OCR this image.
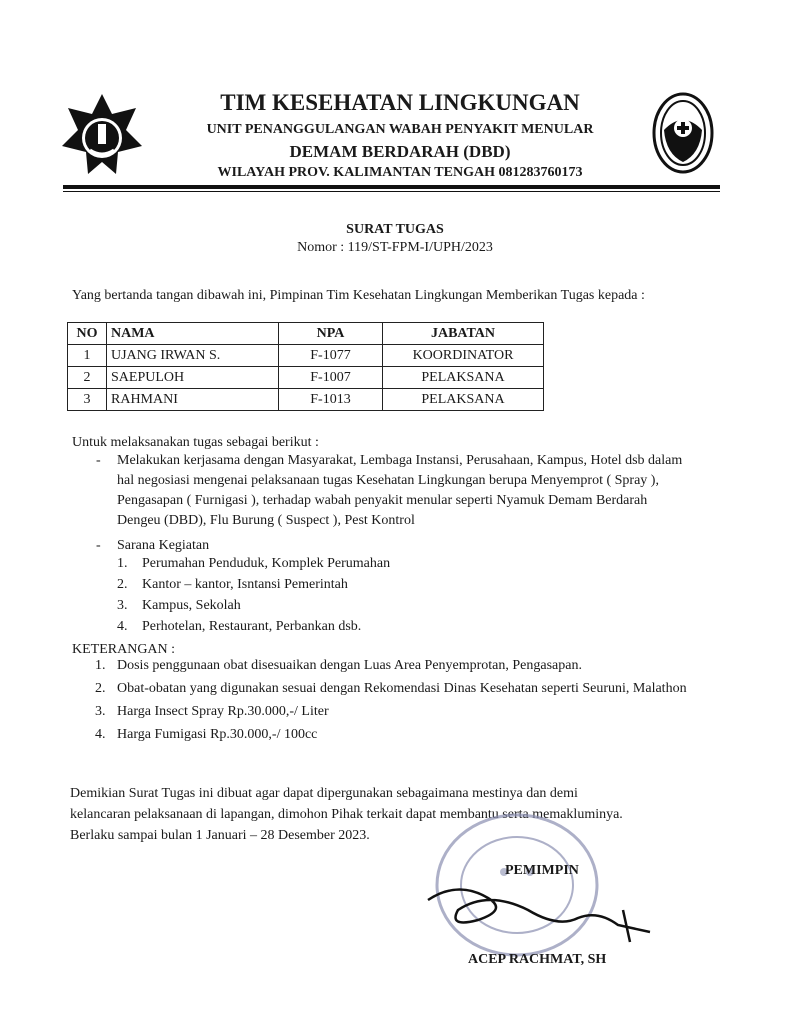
TIM KESEHATAN LINGKUNGAN
UNIT PENANGGULANGAN WABAH PENYAKIT MENULAR
DEMAM BERDARAH (DBD)
WILAYAH PROV. KALIMANTAN TENGAH 081283760173
SURAT TUGAS
Nomor : 119/ST-FPM-I/UPH/2023
Yang bertanda tangan dibawah ini, Pimpinan Tim Kesehatan Lingkungan Memberikan Tugas kepada :
NO	NAMA	NPA	JABATAN
1	UJANG IRWAN S.	F-1077	KOORDINATOR
2	SAEPULOH	F-1007	PELAKSANA
3	RAHMANI	F-1013	PELAKSANA
Untuk melaksanakan tugas sebagai berikut :
- Melakukan kerjasama dengan Masyarakat, Lembaga Instansi, Perusahaan, Kampus, Hotel dsb dalam hal negosiasi mengenai pelaksanaan tugas Kesehatan Lingkungan berupa Menyemprot ( Spray ), Pengasapan ( Furnigasi ), terhadap wabah penyakit menular seperti Nyamuk Demam Berdarah Dengeu (DBD), Flu Burung ( Suspect ), Pest Kontrol
- Sarana Kegiatan
1. Perumahan Penduduk, Komplek Perumahan
2. Kantor – kantor, Isntansi Pemerintah
3. Kampus, Sekolah
4. Perhotelan, Restaurant, Perbankan dsb.
KETERANGAN :
1. Dosis penggunaan obat disesuaikan dengan Luas Area Penyemprotan, Pengasapan.
2. Obat-obatan yang digunakan sesuai dengan Rekomendasi Dinas Kesehatan seperti Seuruni, Malathon
3. Harga Insect Spray Rp.30.000,-/ Liter
4. Harga Fumigasi Rp.30.000,-/ 100cc
Demikian Surat Tugas ini dibuat agar dapat dipergunakan sebagaimana mestinya dan demi
kelancaran pelaksanaan di lapangan, dimohon Pihak terkait dapat membantu serta memakluminya.
Berlaku sampai bulan 1 Januari – 28 Desember 2023.
PEMIMPIN
ACEP RACHMAT, SH
